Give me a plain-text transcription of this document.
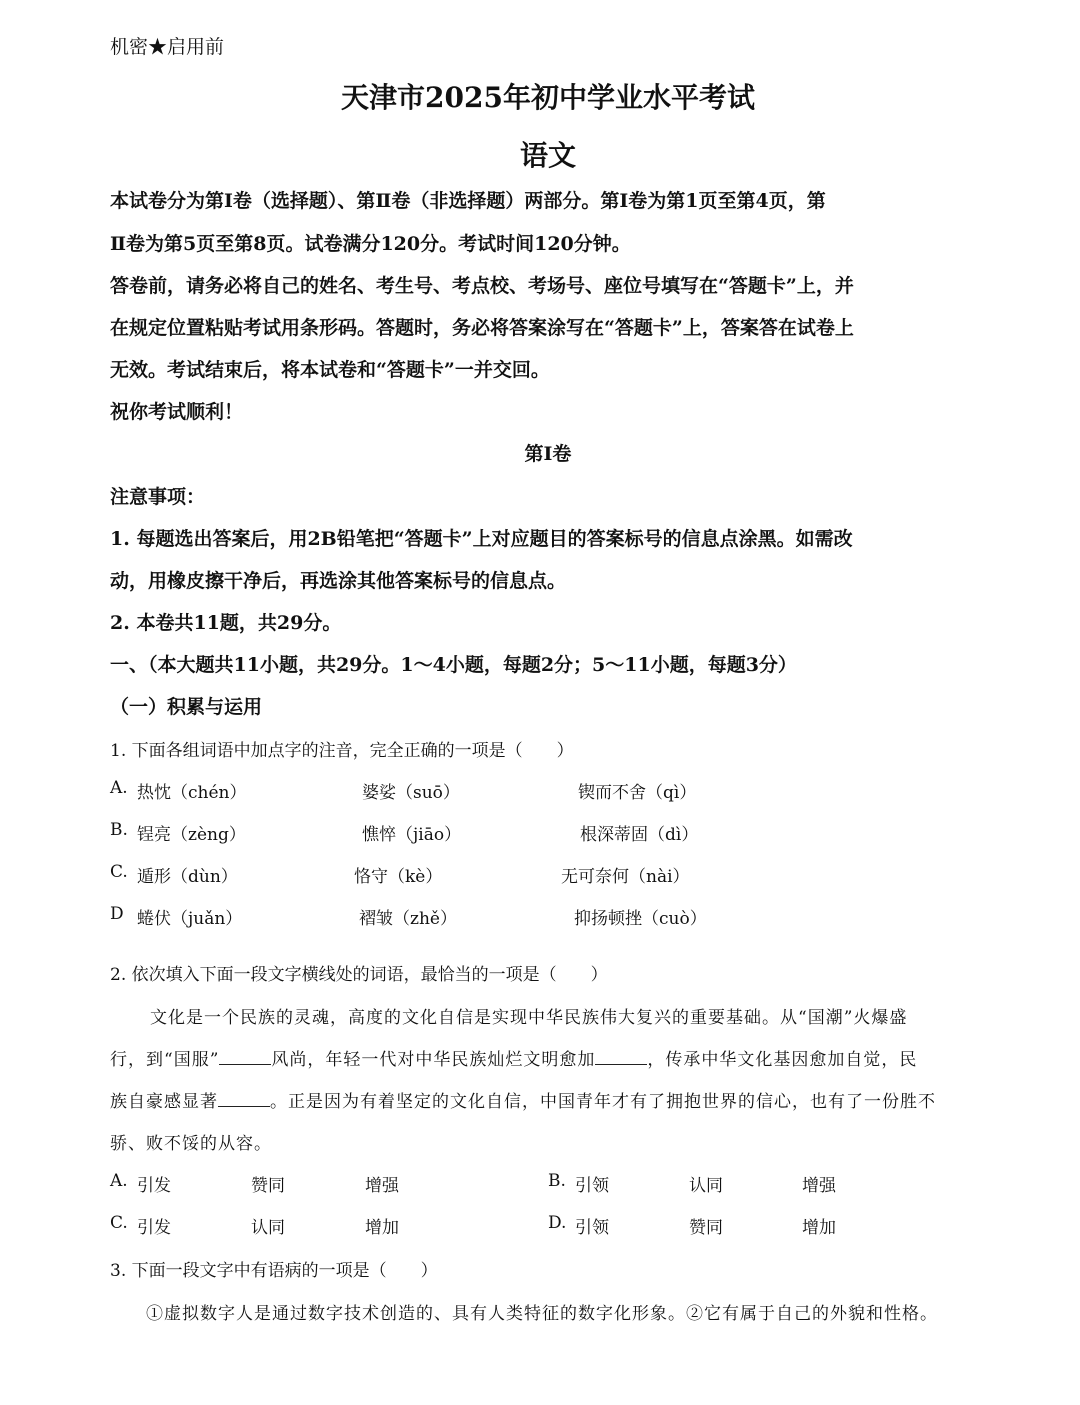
机密★启用前
天津市2025年初中学业水平考试
语文
本试卷分为第Ⅰ卷（选择题）、第Ⅱ卷（非选择题）两部分。第Ⅰ卷为第1页至第4页，第
Ⅱ卷为第5页至第8页。试卷满分120分。考试时间120分钟。
答卷前，请务必将自己的姓名、考生号、考点校、考场号、座位号填写在“答题卡”上，并
在规定位置粘贴考试用条形码。答题时，务必将答案涂写在“答题卡”上，答案答在试卷上
无效。考试结束后，将本试卷和“答题卡”一并交回。
祝你考试顺利！
第Ⅰ卷
注意事项：
1. 每题选出答案后，用2B铅笔把“答题卡”上对应题目的答案标号的信息点涂黑。如需改
动，用橡皮擦干净后，再选涂其他答案标号的信息点。
2. 本卷共11题，共29分。
一、（本大题共11小题，共29分。1～4小题，每题2分；5～11小题，每题3分）
（一）积累与运用
1. 下面各组词语中加点字的注音，完全正确的一项是（　　）
A. 热忱（chén）	婆娑（suō）	锲而不舍（qì）
B. 锃亮（zèng）	憔悴（jiāo）	根深蒂固（dì）
C. 遁形（dùn）	恪守（kè）	无可奈何（nài）
D 蜷伏（juǎn）	褶皱（zhě）	抑扬顿挫（cuò）
2. 依次填入下面一段文字横线处的词语，最恰当的一项是（　　）
文化是一个民族的灵魂，高度的文化自信是实现中华民族伟大复兴的重要基础。从“国潮”火爆盛
行，到“国服”	风尚，年轻一代对中华民族灿烂文明愈加	，传承中华文化基因愈加自觉，民
族自豪感显著	。正是因为有着坚定的文化自信，中国青年才有了拥抱世界的信心，也有了一份胜不
骄、败不馁的从容。
A. 引发	赞同	增强	B. 引领	认同	增强
C. 引发	认同	增加	D. 引领	赞同	增加
3. 下面一段文字中有语病的一项是（　　）
①虚拟数字人是通过数字技术创造的、具有人类特征的数字化形象。②它有属于自己的外貌和性格。
